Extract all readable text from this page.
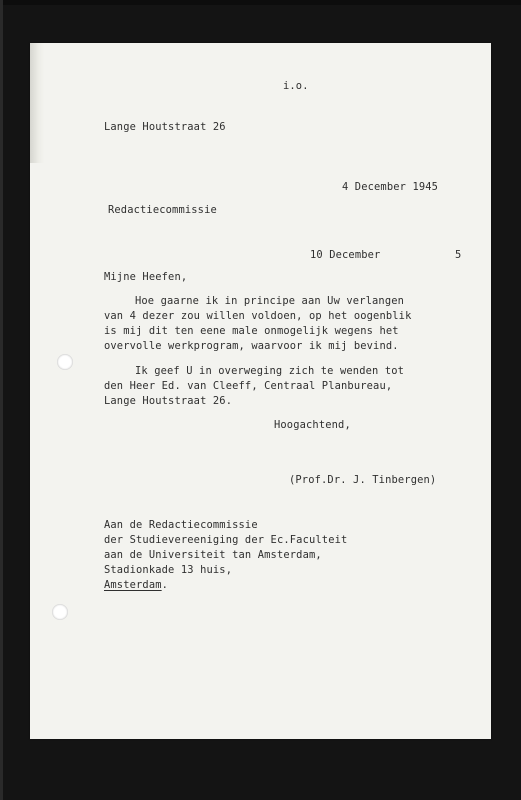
i.o.
Lange Houtstraat 26
4 December 1945
Redactiecommissie
10 December	5
Mijne Heefen,
Hoe gaarne ik in principe aan Uw verlangen
van 4 dezer zou willen voldoen, op het oogenblik
is mij dit ten eene male onmogelijk wegens het
overvolle werkprogram, waarvoor ik mij bevind.
Ik geef U in overweging zich te wenden tot
den Heer Ed. van Cleeff, Centraal Planbureau,
Lange Houtstraat 26.
Hoogachtend,
(Prof.Dr. J. Tinbergen)
Aan de Redactiecommissie
der Studievereeniging der Ec.Faculteit
aan de Universiteit tan Amsterdam,
Stadionkade 13 huis,
Amsterdam.
